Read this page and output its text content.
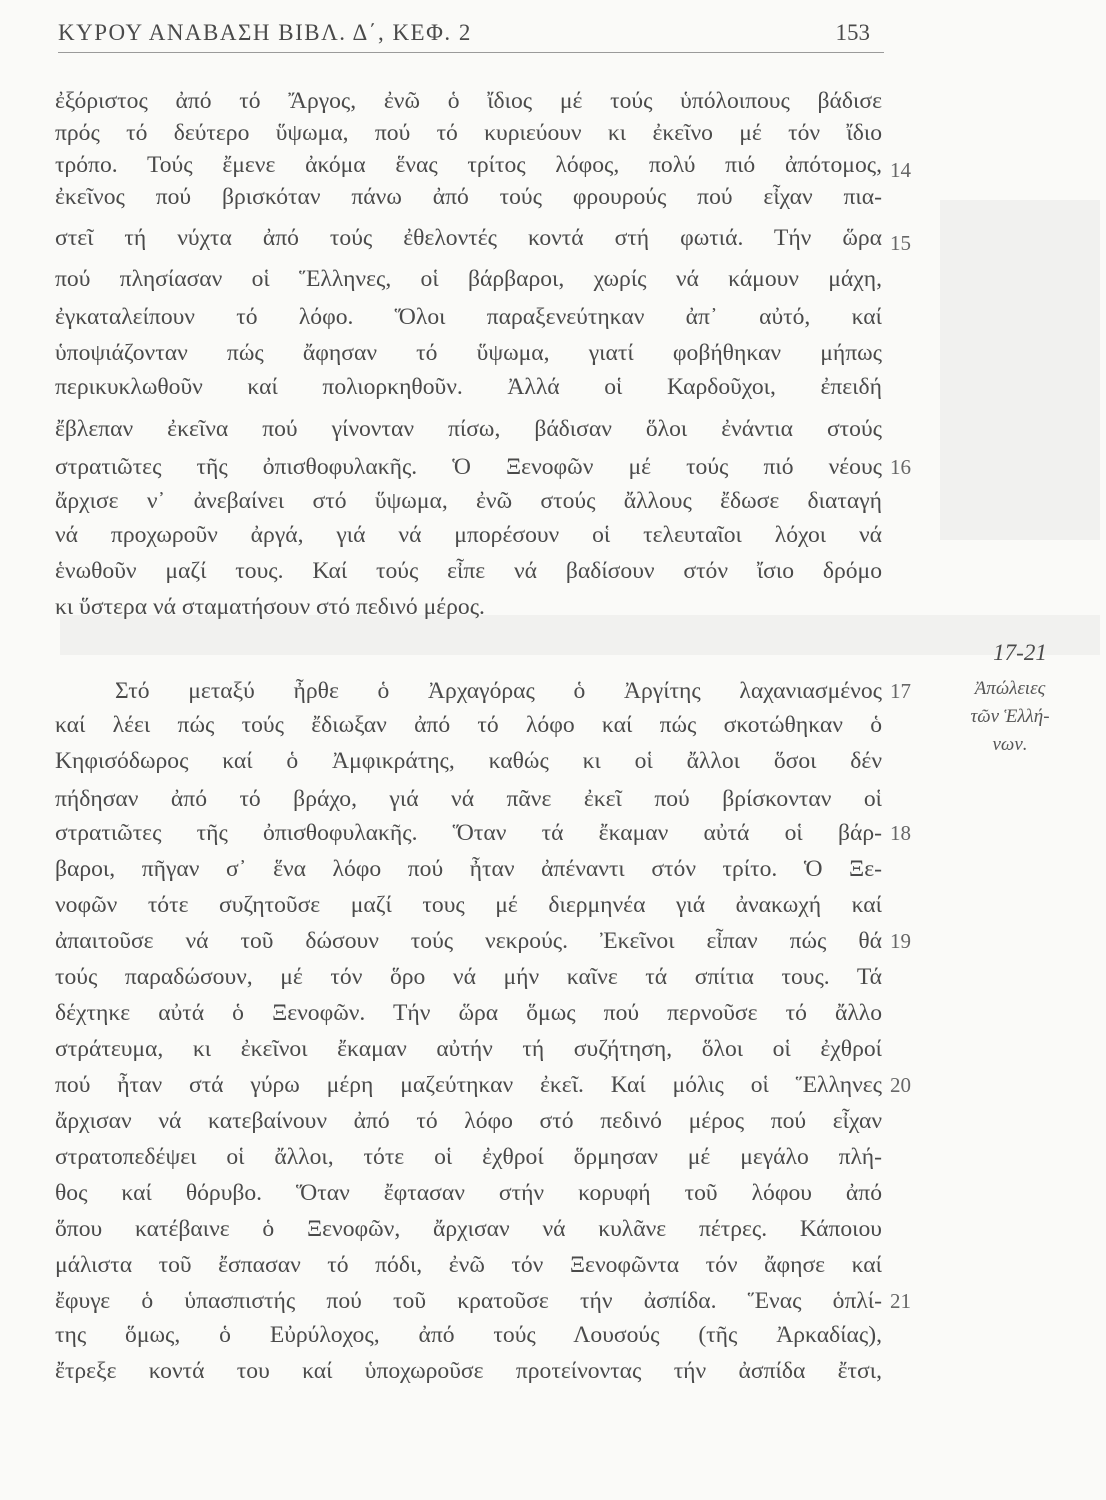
ΚΥΡΟΥ ΑΝΑΒΑΣΗ ΒΙΒΛ. Δ΄, ΚΕΦ. 2	153
ἐξόριστος ἀπό τό Ἄργος, ἐνῶ ὁ ἴδιος μέ τούς ὑπόλοιπους βάδισε
πρός τό δεύτερο ὕψωμα, πού τό κυριεύουν κι ἐκεῖνο μέ τόν ἴδιο
τρόπο. Τούς ἔμενε ἀκόμα ἕνας τρίτος λόφος, πολύ πιό ἀπότομος,
ἐκεῖνος πού βρισκόταν πάνω ἀπό τούς φρουρούς πού εἶχαν πια-
στεῖ τή νύχτα ἀπό τούς ἐθελοντές κοντά στή φωτιά. Τήν ὥρα
πού πλησίασαν οἱ Ἕλληνες, οἱ βάρβαροι, χωρίς νά κάμουν μάχη,
ἐγκαταλείπουν τό λόφο. Ὅλοι παραξενεύτηκαν ἀπ᾽ αὐτό, καί
ὑποψιάζονταν πώς ἄφησαν τό ὕψωμα, γιατί φοβήθηκαν μήπως
περικυκλωθοῦν καί πολιορκηθοῦν. Ἀλλά οἱ Καρδοῦχοι, ἐπειδή
ἔβλεπαν ἐκεῖνα πού γίνονταν πίσω, βάδισαν ὅλοι ἐνάντια στούς
στρατιῶτες τῆς ὀπισθοφυλακῆς. Ὁ Ξενοφῶν μέ τούς πιό νέους
ἄρχισε ν᾽ ἀνεβαίνει στό ὕψωμα, ἐνῶ στούς ἄλλους ἔδωσε διαταγή
νά προχωροῦν ἀργά, γιά νά μπορέσουν οἱ τελευταῖοι λόχοι νά
ἑνωθοῦν μαζί τους. Καί τούς εἶπε νά βαδίσουν στόν ἴσιο δρόμο
κι ὕστερα νά σταματήσουν στό πεδινό μέρος.
Στό μεταξύ ἦρθε ὁ Ἀρχαγόρας ὁ Ἀργίτης λαχανιασμένος
καί λέει πώς τούς ἔδιωξαν ἀπό τό λόφο καί πώς σκοτώθηκαν ὁ
Κηφισόδωρος καί ὁ Ἀμφικράτης, καθώς κι οἱ ἄλλοι ὅσοι δέν
πήδησαν ἀπό τό βράχο, γιά νά πᾶνε ἐκεῖ πού βρίσκονταν οἱ
στρατιῶτες τῆς ὀπισθοφυλακῆς. Ὅταν τά ἔκαμαν αὐτά οἱ βάρ-
βαροι, πῆγαν σ᾽ ἕνα λόφο πού ἦταν ἀπέναντι στόν τρίτο. Ὁ Ξε-
νοφῶν τότε συζητοῦσε μαζί τους μέ διερμηνέα γιά ἀνακωχή καί
ἀπαιτοῦσε νά τοῦ δώσουν τούς νεκρούς. Ἐκεῖνοι εἶπαν πώς θά
τούς παραδώσουν, μέ τόν ὅρο νά μήν καῖνε τά σπίτια τους. Τά
δέχτηκε αὐτά ὁ Ξενοφῶν. Τήν ὥρα ὅμως πού περνοῦσε τό ἄλλο
στράτευμα, κι ἐκεῖνοι ἔκαμαν αὐτήν τή συζήτηση, ὅλοι οἱ ἐχθροί
πού ἦταν στά γύρω μέρη μαζεύτηκαν ἐκεῖ. Καί μόλις οἱ Ἕλληνες
ἄρχισαν νά κατεβαίνουν ἀπό τό λόφο στό πεδινό μέρος πού εἶχαν
στρατοπεδέψει οἱ ἄλλοι, τότε οἱ ἐχθροί ὅρμησαν μέ μεγάλο πλή-
θος καί θόρυβο. Ὅταν ἔφτασαν στήν κορυφή τοῦ λόφου ἀπό
ὅπου κατέβαινε ὁ Ξενοφῶν, ἄρχισαν νά κυλᾶνε πέτρες. Κάποιου
μάλιστα τοῦ ἔσπασαν τό πόδι, ἐνῶ τόν Ξενοφῶντα τόν ἄφησε καί
ἔφυγε ὁ ὑπασπιστής πού τοῦ κρατοῦσε τήν ἀσπίδα. Ἕνας ὁπλί-
της ὅμως, ὁ Εὐρύλοχος, ἀπό τούς Λουσούς (τῆς Ἀρκαδίας),
ἔτρεξε κοντά του καί ὑποχωροῦσε προτείνοντας τήν ἀσπίδα ἔτσι,
14
15
16
17
18
19
20
21
17-21
Ἀπώλειες
τῶν Ἑλλή-
νων.
